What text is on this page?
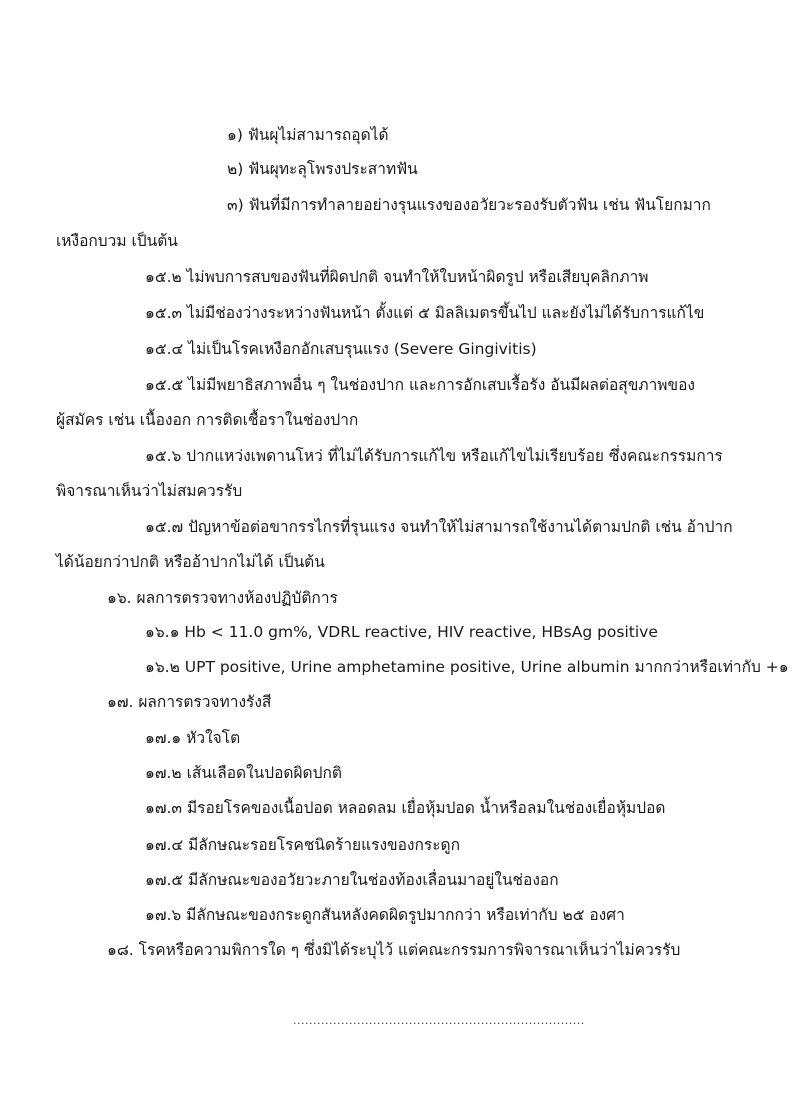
๑) ฟันผุไม่สามารถอุดได้
๒) ฟันผุทะลุโพรงประสาทฟัน
๓) ฟันที่มีการทำลายอย่างรุนแรงของอวัยวะรองรับตัวฟัน เช่น ฟันโยกมาก
เหงือกบวม เป็นต้น
๑๕.๒ ไม่พบการสบของฟันที่ผิดปกติ จนทำให้ใบหน้าผิดรูป หรือเสียบุคลิกภาพ
๑๕.๓ ไม่มีช่องว่างระหว่างฟันหน้า ตั้งแต่ ๕ มิลลิเมตรขึ้นไป และยังไม่ได้รับการแก้ไข
๑๕.๔ ไม่เป็นโรคเหงือกอักเสบรุนแรง (Severe Gingivitis)
๑๕.๕ ไม่มีพยาธิสภาพอื่น ๆ ในช่องปาก และการอักเสบเรื้อรัง อันมีผลต่อสุขภาพของ
ผู้สมัคร เช่น เนื้องอก การติดเชื้อราในช่องปาก
๑๕.๖ ปากแหว่งเพดานโหว่ ที่ไม่ได้รับการแก้ไข หรือแก้ไขไม่เรียบร้อย ซึ่งคณะกรรมการ
พิจารณาเห็นว่าไม่สมควรรับ
๑๕.๗ ปัญหาข้อต่อขากรรไกรที่รุนแรง จนทำให้ไม่สามารถใช้งานได้ตามปกติ เช่น อ้าปาก
ได้น้อยกว่าปกติ หรืออ้าปากไม่ได้ เป็นต้น
๑๖. ผลการตรวจทางห้องปฏิบัติการ
๑๖.๑ Hb < 11.0 gm%, VDRL reactive, HIV reactive, HBsAg positive
๑๖.๒ UPT positive, Urine amphetamine positive, Urine albumin มากกว่าหรือเท่ากับ +๑
๑๗. ผลการตรวจทางรังสี
๑๗.๑ หัวใจโต
๑๗.๒ เส้นเลือดในปอดผิดปกติ
๑๗.๓ มีรอยโรคของเนื้อปอด หลอดลม เยื่อหุ้มปอด น้ำหรือลมในช่องเยื่อหุ้มปอด
๑๗.๔ มีลักษณะรอยโรคชนิดร้ายแรงของกระดูก
๑๗.๕ มีลักษณะของอวัยวะภายในช่องท้องเลื่อนมาอยู่ในช่องอก
๑๗.๖ มีลักษณะของกระดูกสันหลังคดผิดรูปมากกว่า หรือเท่ากับ ๒๕ องศา
๑๘. โรคหรือความพิการใด ๆ ซึ่งมิได้ระบุไว้ แต่คณะกรรมการพิจารณาเห็นว่าไม่ควรรับ
.........................................................................
